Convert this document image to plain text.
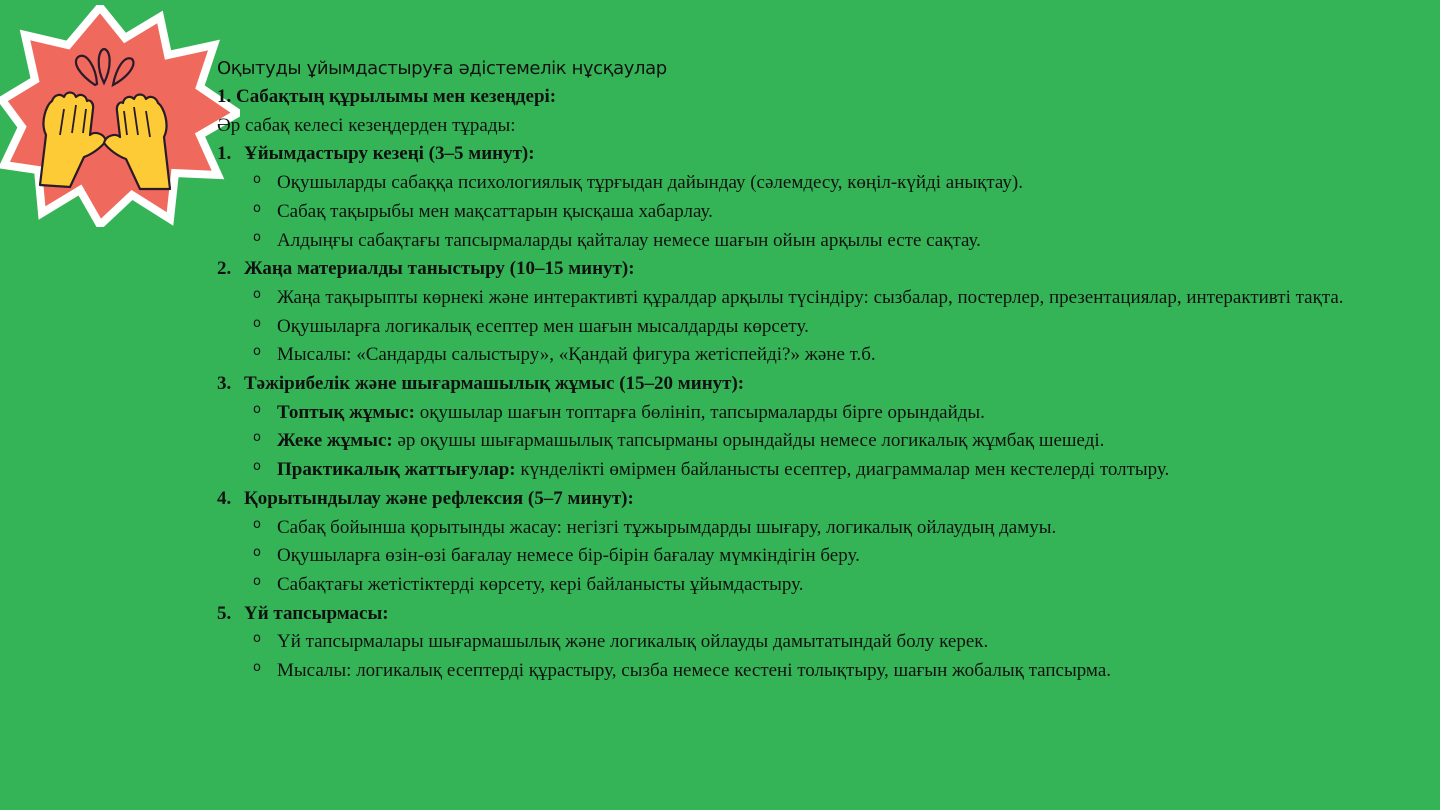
Оқытуды ұйымдастыруға әдістемелік нұсқаулар
1. Сабақтың құрылымы мен кезеңдері:
Әр сабақ келесі кезеңдерден тұрады:
1. Ұйымдастыру кезеңі (3–5 минут):
o Оқушыларды сабаққа психологиялық тұрғыдан дайындау (сәлемдесу, көңіл-күйді анықтау).
o Сабақ тақырыбы мен мақсаттарын қысқаша хабарлау.
o Алдыңғы сабақтағы тапсырмаларды қайталау немесе шағын ойын арқылы есте сақтау.
2. Жаңа материалды таныстыру (10–15 минут):
o Жаңа тақырыпты көрнекі және интерактивті құралдар арқылы түсіндіру: сызбалар, постерлер, презентациялар, интерактивті тақта.
o Оқушыларға логикалық есептер мен шағын мысалдарды көрсету.
o Мысалы: «Сандарды салыстыру», «Қандай фигура жетіспейді?» және т.б.
3. Тәжірибелік және шығармашылық жұмыс (15–20 минут):
o Топтық жұмыс: оқушылар шағын топтарға бөлініп, тапсырмаларды бірге орындайды.
o Жеке жұмыс: әр оқушы шығармашылық тапсырманы орындайды немесе логикалық жұмбақ шешеді.
o Практикалық жаттығулар: күнделікті өмірмен байланысты есептер, диаграммалар мен кестелерді толтыру.
4. Қорытындылау және рефлексия (5–7 минут):
o Сабақ бойынша қорытынды жасау: негізгі тұжырымдарды шығару, логикалық ойлаудың дамуы.
o Оқушыларға өзін-өзі бағалау немесе бір-бірін бағалау мүмкіндігін беру.
o Сабақтағы жетістіктерді көрсету, кері байланысты ұйымдастыру.
5. Үй тапсырмасы:
o Үй тапсырмалары шығармашылық және логикалық ойлауды дамытатындай болу керек.
o Мысалы: логикалық есептерді құрастыру, сызба немесе кестені толықтыру, шағын жобалық тапсырма.
